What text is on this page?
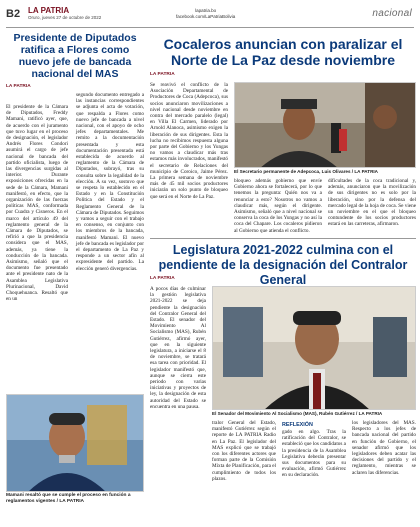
B2 LA PATRIA
Oruro, jueves 27 de octubre de 2022
lapatria.bo
facebook.com/LaPatriaBolivia	nacional
Presidente de Diputados ratifica a Flores como nuevo jefe de bancada nacional del MAS
LA PATRIA
El presidente de la Cámara de Diputados, Freddy Mamani, ratificó ayer, que, de acuerdo con el juramento que tuvo lugar en el proceso de designación, el legislador Andrés Flores Condori asumirá el cargo de jefe nacional de bancada del partido oficialista, luego de las divergencias surgidas al interior. Durante exposiciones ofrecidas en la sede de la Cámara, Mamani manifestó, en efecto, que la organización de las fuerzas políticas MAS, conformada por Cuadra y Cisneros. En el marco del artículo 49 del reglamento general de la Cámara de Diputados, se refirió a que la presidencia considera que el MAS, además, ya tiene la conducción de la bancada. Asimismo, señaló que el documento fue presentado ante el presidente nato de la Asamblea Legislativa Plurinacional, David Choquehuanca. Resaltó que en un
segundo documento entregado a las instancias correspondientes se adjunta el acta de votación, que respalda a Flores como nuevo jefe de bancada a nivel nacional, con el apoyo de ocho jefes departamentales. Me remito a la documentación presentada y esta documentación presentada está establecida de acuerdo al reglamento de la Cámara de Diputados, subrayó, tras su consulta sobre la legalidad de la elección. A su vez, sostuvo que se respeta lo establecido en el Estado y en la Constitución Política del Estado y el Reglamento General de la Cámara de Diputados. Seguimos y vamos a seguir con el trabajo en consenso, en conjunto con los miembros de la bancada, manifestó Mamani. El nuevo jefe de bancada es legislador por el departamento de La Paz y responde a un sector afín al expresidente del partido. La elección generó divergencias.
Mamani resaltó que se cumple el proceso en función a reglamentos vigentes / LA PATRIA
Cocaleros anuncian con paralizar el Norte de La Paz desde noviembre
LA PATRIA
Se reavivó el conflicto de la Asociación Departamental de Productores de Coca (Adepcoca), sus socios anunciaron movilizaciones a nivel nacional desde noviembre en contra del mercado paralelo (legal) en Villa El Carmen, liderado por Arnold Alanoca, asimismo exigen la liberación de sus dirigentes. Esta la lucha no recibimos respuesta alguna por parte del Gobierno y los Yungas no vamos a claudicar más tras estamos más involucrados, manifestó el secretario de Relaciones del municipio de Coroico, Jaime Pérez. La primera semana de noviembre más de 45 mil socios productores iniciarán un solo punto de bloqueo que será en el Norte de La Paz.
El Secretario permanente de Adepcoca, Luis Olivares / LA PATRIA
bloqueo además gobierno que envíe Gobierno ahora se fortalecerá, por lo que tenemos la pregunta: Quién nos va a renunciar a esto? Nosotros no vamos a claudicar más, según el dirigente. Asimismo, señaló que a nivel nacional se conserva la coca de los Yungas y no así la coca del Chapare. Los cocaleros pidieron al Gobierno que atienda el conflicto.
dificultades de la coca tradicional y, además, anunciaron que la movilización de sus dirigentes no es solo por la liberación, sino por la defensa del mercado legal de la hoja de coca. Se viene un noviembre en el que el bloqueo contundente de los socios productores estará en las carreteras, afirmaron.
Legislatura 2021-2022 culmina con el pendiente de la designación del Contralor General
LA PATRIA
A pocos días de culminar la gestión legislativa 2021-2022 se deja pendiente la designación del Contralor General del Estado. El senador del Movimiento Al Socialismo (MAS), Rubén Gutiérrez, afirmó ayer, que en la siguiente legislatura, a iniciarse el 8 de noviembre, se tratará esa tarea con prioridad. El legislador manifestó que, aunque se cierra este periodo con varias iniciativas y proyectos de ley, la designación de esta autoridad del Estado se encuentra en una pausa.
El Senador del Movimiento Al Socialismo (MAS), Rubén Gutiérrez / LA PATRIA
tralor General del Estado, manifestó Gutiérrez según el reporte de LA PATRIA Radio en La Paz. El legislador del MAS explicó que se trabajó con los diferentes actores que forman parte de la Comisión Mixta de Planificación, para el cumplimiento de todos los plazos.
REFLEXIÓN
gado en algo. Tras la ratificación del Contralor, se estableció que los candidatos a la presidencia de la Asamblea Legislativa deberán presentar sus documentos para su evaluación, afirmó Gutiérrez en su declaración.
los legisladores del MAS. Respecto a los jefes de bancada nacional del partido en función de Gobierno, el senador afirmó que los legisladores deben acatar las decisiones del partido y el reglamento, mientras se aclaren las diferencias.
